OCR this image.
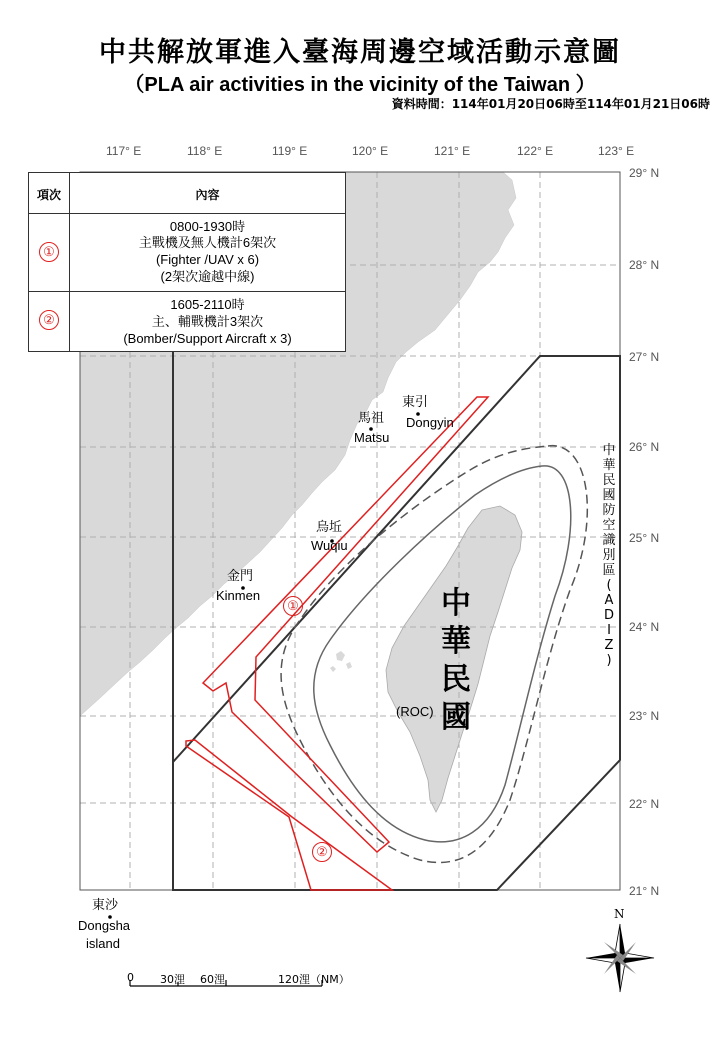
中共解放軍進入臺海周邊空域活動示意圖
（PLA air activities in the vicinity of the Taiwan ）
資料時間：114年01月20日06時至114年01月21日06時
117° E	118° E	119° E	120° E	121° E	122° E	123° E
29° N
28° N
27° N
26° N
25° N
24° N
23° N
22° N
21° N
項次	內容
①
0800-1930時
主戰機及無人機計6架次
(Fighter /UAV x 6)
(2架次逾越中線)
②
1605-2110時
主、輔戰機計3架次
(Bomber/Support Aircraft x 3)
東引
Dongyin
馬祖
Matsu
烏坵
Wuqiu
金門
Kinmen
東沙
Dongsha
island
中
華
民
國
(ROC)
①
②
中
華
民
國
防
空
識
別
區
(
A
D
I
Z
)
0 30浬 60浬	120浬（NM）
N
